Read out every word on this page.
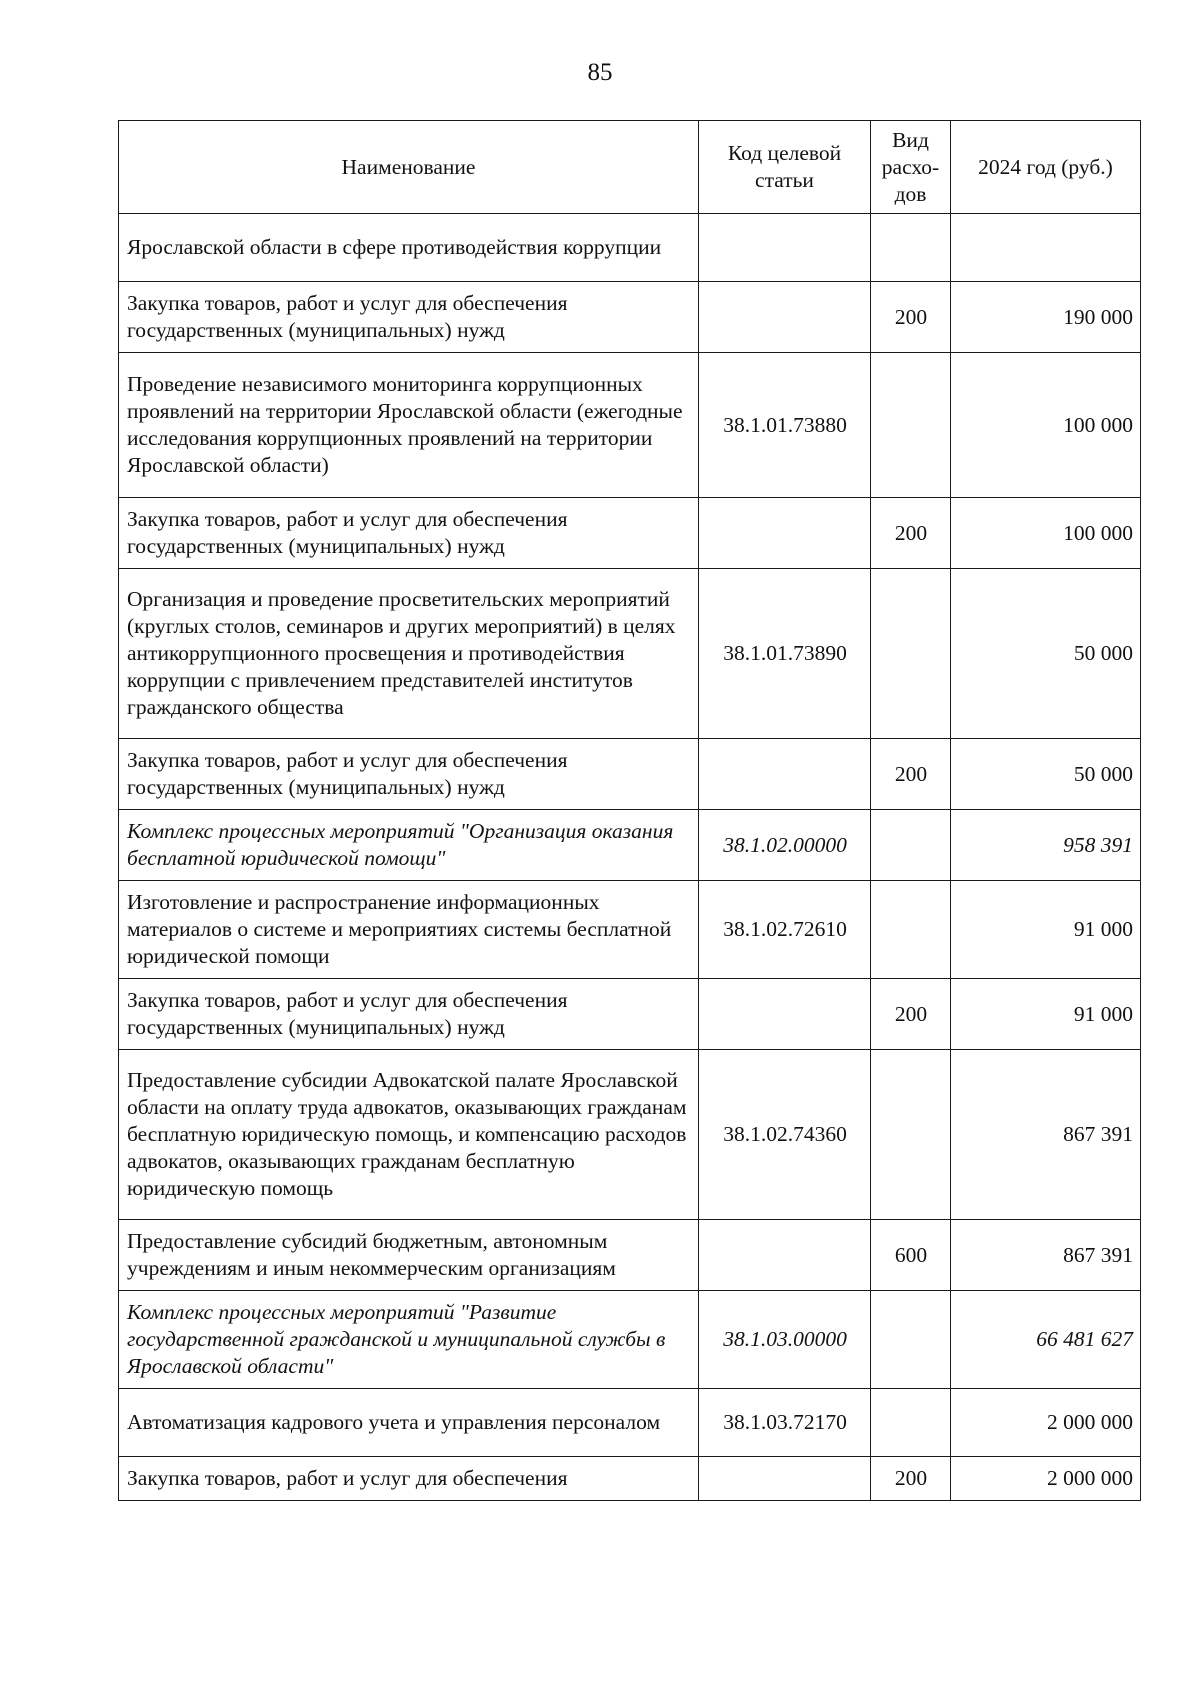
85
Наименование	Код целевой статьи	Вид расхо-дов	2024 год (руб.)
Ярославской области в сфере противодействия коррупции			
Закупка товаров, работ и услуг для обеспечения государственных (муниципальных) нужд		200	190 000
Проведение независимого мониторинга коррупционных проявлений на территории Ярославской области (ежегодные исследования коррупционных проявлений на территории Ярославской области)	38.1.01.73880		100 000
Закупка товаров, работ и услуг для обеспечения государственных (муниципальных) нужд		200	100 000
Организация и проведение просветительских мероприятий (круглых столов, семинаров и других мероприятий) в целях антикоррупционного просвещения и противодействия коррупции с привлечением представителей институтов гражданского общества	38.1.01.73890		50 000
Закупка товаров, работ и услуг для обеспечения государственных (муниципальных) нужд		200	50 000
Комплекс процессных мероприятий "Организация оказания бесплатной юридической помощи"	38.1.02.00000		958 391
Изготовление и распространение информационных материалов о системе и мероприятиях системы бесплатной юридической помощи	38.1.02.72610		91 000
Закупка товаров, работ и услуг для обеспечения государственных (муниципальных) нужд		200	91 000
Предоставление субсидии Адвокатской палате Ярославской области на оплату труда адвокатов, оказывающих гражданам бесплатную юридическую помощь, и компенсацию расходов адвокатов, оказывающих гражданам бесплатную юридическую помощь	38.1.02.74360		867 391
Предоставление субсидий бюджетным, автономным учреждениям и иным некоммерческим организациям		600	867 391
Комплекс процессных мероприятий "Развитие государственной гражданской и муниципальной службы в Ярославской области"	38.1.03.00000		66 481 627
Автоматизация кадрового учета и управления персоналом	38.1.03.72170		2 000 000
Закупка товаров, работ и услуг для обеспечения		200	2 000 000
